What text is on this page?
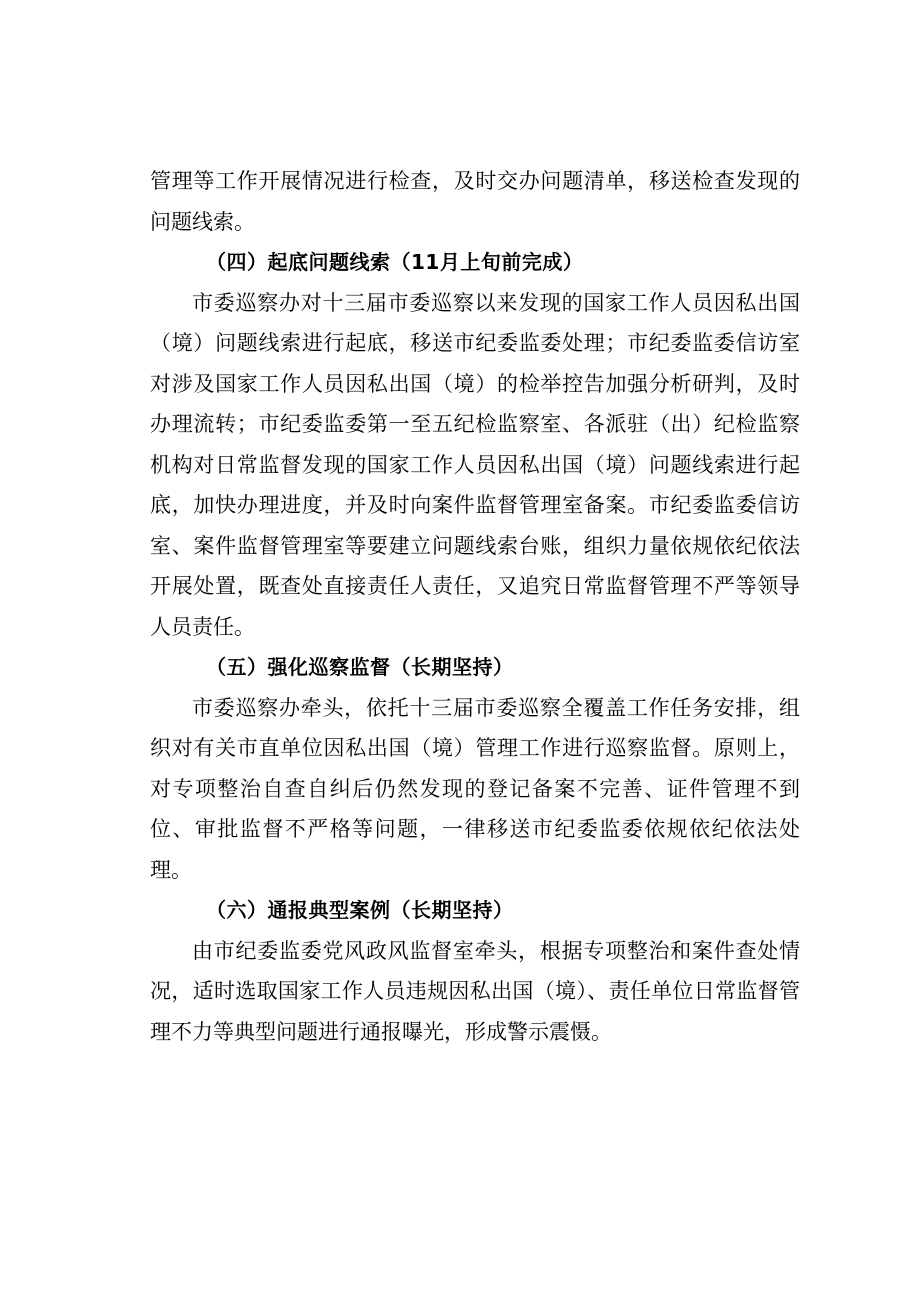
管理等工作开展情况进行检查，及时交办问题清单，移送检查发现的问题线索。

（四）起底问题线索（11月上旬前完成）

市委巡察办对十三届市委巡察以来发现的国家工作人员因私出国（境）问题线索进行起底，移送市纪委监委处理；市纪委监委信访室对涉及国家工作人员因私出国（境）的检举控告加强分析研判，及时办理流转；市纪委监委第一至五纪检监察室、各派驻（出）纪检监察机构对日常监督发现的国家工作人员因私出国（境）问题线索进行起底，加快办理进度，并及时向案件监督管理室备案。市纪委监委信访室、案件监督管理室等要建立问题线索台账，组织力量依规依纪依法开展处置，既查处直接责任人责任，又追究日常监督管理不严等领导人员责任。

（五）强化巡察监督（长期坚持）

市委巡察办牵头，依托十三届市委巡察全覆盖工作任务安排，组织对有关市直单位因私出国（境）管理工作进行巡察监督。原则上，对专项整治自查自纠后仍然发现的登记备案不完善、证件管理不到位、审批监督不严格等问题，一律移送市纪委监委依规依纪依法处理。

（六）通报典型案例（长期坚持）

由市纪委监委党风政风监督室牵头，根据专项整治和案件查处情况，适时选取国家工作人员违规因私出国（境）、责任单位日常监督管理不力等典型问题进行通报曝光，形成警示震慑。
